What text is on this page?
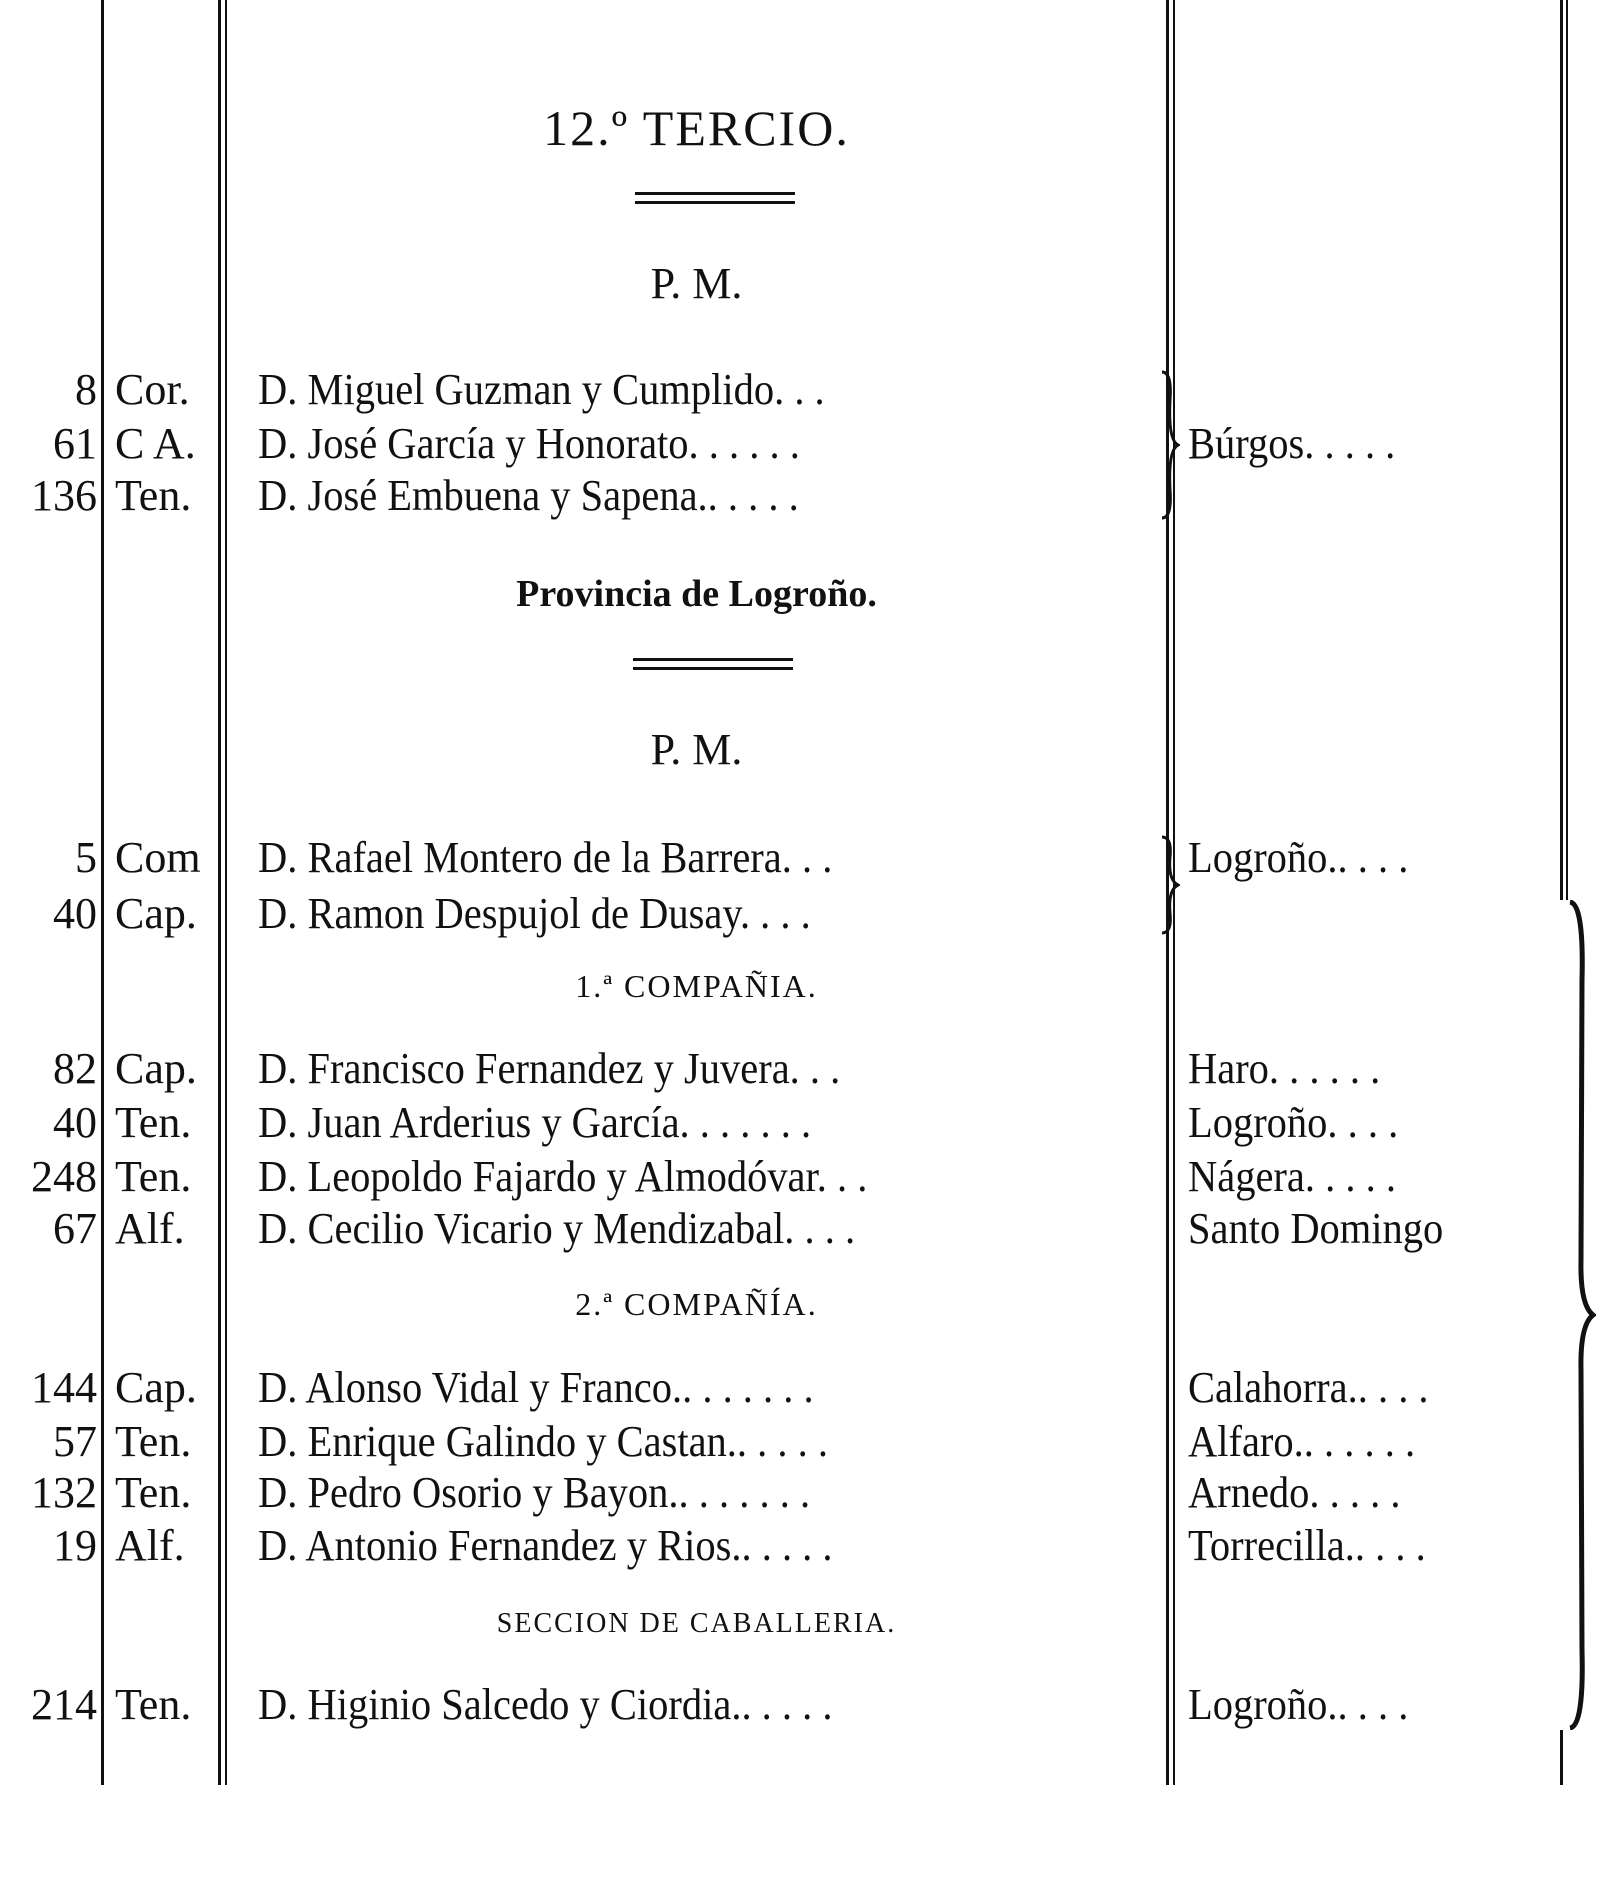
12.º TERCIO.
P. M.
8 Cor. D. Miguel Guzman y Cumplido. . .
61 C A. D. José García y Honorato. . . . . .	Búrgos. . . . .
136 Ten. D. José Embuena y Sapena.. . . . .
Provincia de Logroño.
P. M.
5 Com D. Rafael Montero de la Barrera. . .	Logroño.. . . .
40 Cap. D. Ramon Despujol de Dusay. . . .
1.ª COMPAÑIA.
82 Cap. D. Francisco Fernandez y Juvera. . .	Haro. . . . . .
40 Ten. D. Juan Arderius y García. . . . . . .	Logroño. . . .
248 Ten. D. Leopoldo Fajardo y Almodóvar. . .	Nágera. . . . .
67 Alf. D. Cecilio Vicario y Mendizabal. . . .	Santo Domingo
2.ª COMPAÑÍA.
144 Cap. D. Alonso Vidal y Franco.. . . . . . .	Calahorra.. . . .
57 Ten. D. Enrique Galindo y Castan.. . . . .	Alfaro.. . . . . .
132 Ten. D. Pedro Osorio y Bayon.. . . . . . .	Arnedo. . . . .
19 Alf. D. Antonio Fernandez y Rios.. . . . .	Torrecilla.. . . .
SECCION DE CABALLERIA.
214 Ten. D. Higinio Salcedo y Ciordia.. . . . .	Logroño.. . . .
